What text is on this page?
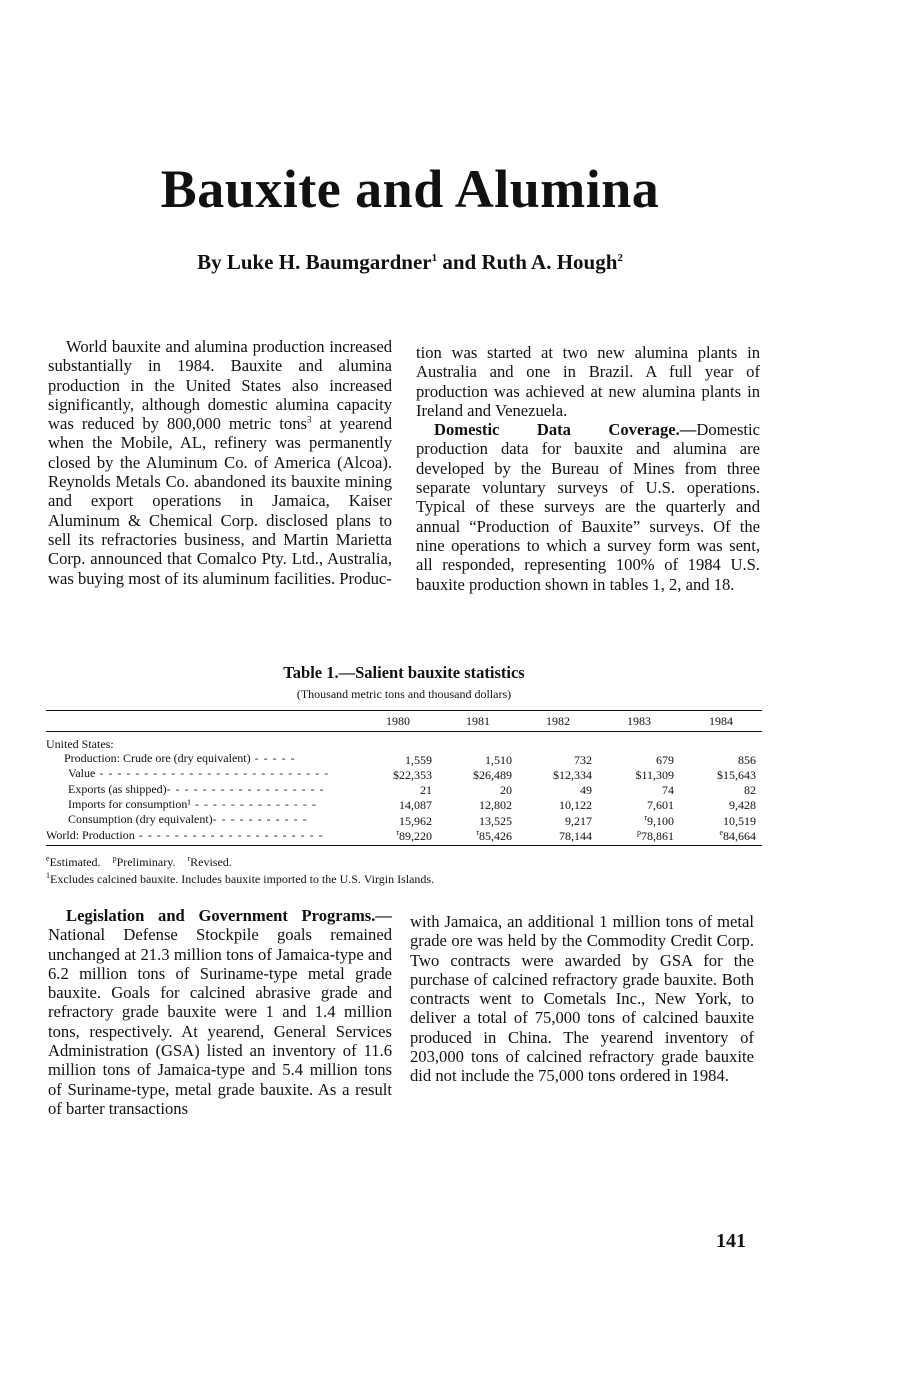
Bauxite and Alumina
By Luke H. Baumgardner$^1$ and Ruth A. Hough$^2$

World bauxite and alumina production increased substantially in 1984. Bauxite and alumina production in the United States also increased significantly, although domestic alumina capacity was reduced by 800,000 metric tons$^3$ at yearend when the Mobile, AL, refinery was permanently closed by the Aluminum Co. of America (Alcoa). Reynolds Metals Co. abandoned its bauxite mining and export operations in Jamaica, Kaiser Aluminum & Chemical Corp. disclosed plans to sell its refractories business, and Martin Marietta Corp. announced that Comalco Pty. Ltd., Australia, was buying most of its aluminum facilities. Produc-

tion was started at two new alumina plants in Australia and one in Brazil. A full year of production was achieved at new alumina plants in Ireland and Venezuela.

Domestic Data Coverage.—Domestic production data for bauxite and alumina are developed by the Bureau of Mines from three separate voluntary surveys of U.S. operations. Typical of these surveys are the quarterly and annual “Production of Bauxite” surveys. Of the nine operations to which a survey form was sent, all responded, representing 100% of 1984 U.S. bauxite production shown in tables 1, 2, and 18.

Table 1.—Salient bauxite statistics
(Thousand metric tons and thousand dollars)
	1980	1981	1982	1983	1984

United States:					
Production: Crude ore (dry equivalent) - - - - -	1,559	1,510	732	679	856
Value - - - - - - - - - - - - - - - - - - - - - - - - - -	$22,353	$26,489	$12,334	$11,309	$15,643
Exports (as shipped)- - - - - - - - - - - - - - - - - -	21	20	49	74	82
Imports for consumption¹ - - - - - - - - - - - - - -	14,087	12,802	10,122	7,601	9,428
Consumption (dry equivalent)- - - - - - - - - - -	15,962	13,525	9,217	$^r$9,100	10,519
World: Production - - - - - - - - - - - - - - - - - - - - -	$^r$89,220	$^r$85,426	78,144	$^p$78,861	$^e$84,664
$^e$Estimated. $^p$Preliminary. $^r$Revised.
$^1$Excludes calcined bauxite. Includes bauxite imported to the U.S. Virgin Islands.

Legislation and Government Programs.—National Defense Stockpile goals remained unchanged at 21.3 million tons of Jamaica-type and 6.2 million tons of Suriname-type metal grade bauxite. Goals for calcined abrasive grade and refractory grade bauxite were 1 and 1.4 million tons, respectively. At yearend, General Services Administration (GSA) listed an inventory of 11.6 million tons of Jamaica-type and 5.4 million tons of Suriname-type, metal grade bauxite. As a result of barter transactions

with Jamaica, an additional 1 million tons of metal grade ore was held by the Commodity Credit Corp. Two contracts were awarded by GSA for the purchase of calcined refractory grade bauxite. Both contracts went to Cometals Inc., New York, to deliver a total of 75,000 tons of calcined bauxite produced in China. The yearend inventory of 203,000 tons of calcined refractory grade bauxite did not include the 75,000 tons ordered in 1984.

141
